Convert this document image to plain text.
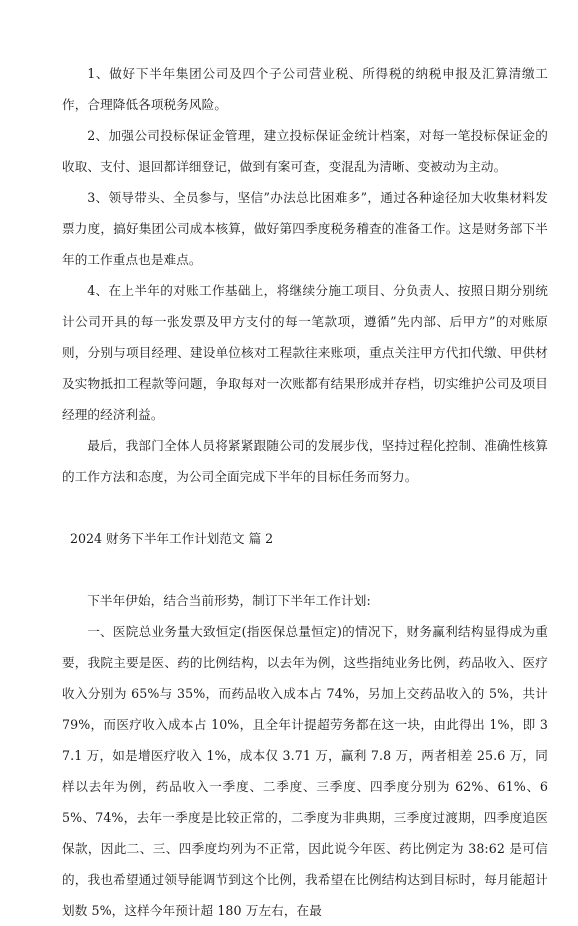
1、做好下半年集团公司及四个子公司营业税、所得税的纳税申报及汇算清缴工作，合理降低各项税务风险。

2、加强公司投标保证金管理，建立投标保证金统计档案，对每一笔投标保证金的收取、支付、退回都详细登记，做到有案可查，变混乱为清晰、变被动为主动。

3、领导带头、全员参与，坚信”办法总比困难多”，通过各种途径加大收集材料发票力度，搞好集团公司成本核算，做好第四季度税务稽查的准备工作。这是财务部下半年的工作重点也是难点。

4、在上半年的对账工作基础上，将继续分施工项目、分负责人、按照日期分别统计公司开具的每一张发票及甲方支付的每一笔款项，遵循”先内部、后甲方”的对账原则，分别与项目经理、建设单位核对工程款往来账项，重点关注甲方代扣代缴、甲供材及实物抵扣工程款等问题，争取每对一次账都有结果形成并存档，切实维护公司及项目经理的经济利益。

最后，我部门全体人员将紧紧跟随公司的发展步伐，坚持过程化控制、准确性核算的工作方法和态度，为公司全面完成下半年的目标任务而努力。

2024 财务下半年工作计划范文 篇 2

下半年伊始，结合当前形势，制订下半年工作计划:

一、医院总业务量大致恒定(指医保总量恒定)的情况下，财务赢利结构显得成为重要，我院主要是医、药的比例结构，以去年为例，这些指纯业务比例，药品收入、医疗收入分别为 65%与 35%，而药品收入成本占 74%，另加上交药品收入的 5%，共计 79%，而医疗收入成本占 10%，且全年计提超劳务都在这一块，由此得出 1%，即 37.1 万，如是增医疗收入 1%，成本仅 3.71 万，赢利 7.8 万，两者相差 25.6 万，同样以去年为例，药品收入一季度、二季度、三季度、四季度分别为 62%、61%、65%、74%，去年一季度是比较正常的，二季度为非典期，三季度过渡期，四季度追医保款，因此二、三、四季度均列为不正常，因此说今年医、药比例定为 38:62 是可信的，我也希望通过领导能调节到这个比例，我希望在比例结构达到目标时，每月能超计划数 5%，这样今年预计超 180 万左右，在最
